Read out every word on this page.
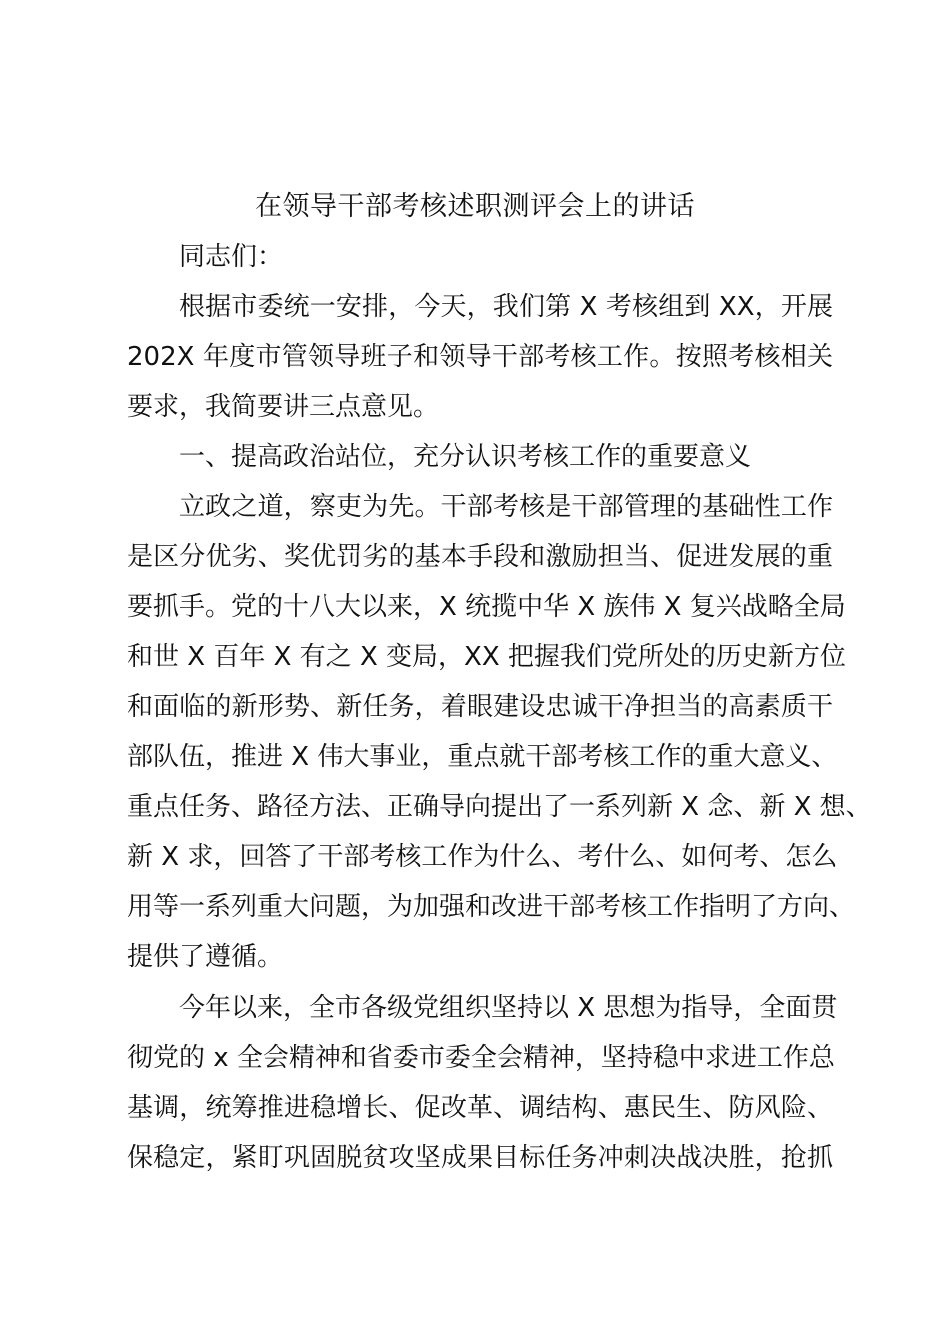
在领导干部考核述职测评会上的讲话

同志们：

根据市委统一安排，今天，我们第 X 考核组到 XX，开展
202X 年度市管领导班子和领导干部考核工作。按照考核相关
要求，我简要讲三点意见。

一、提高政治站位，充分认识考核工作的重要意义

立政之道，察吏为先。干部考核是干部管理的基础性工作
是区分优劣、奖优罚劣的基本手段和激励担当、促进发展的重
要抓手。党的十八大以来，X 统揽中华 X 族伟 X 复兴战略全局
和世 X 百年 X 有之 X 变局，XX 把握我们党所处的历史新方位
和面临的新形势、新任务，着眼建设忠诚干净担当的高素质干
部队伍，推进 X 伟大事业，重点就干部考核工作的重大意义、
重点任务、路径方法、正确导向提出了一系列新 X 念、新 X 想、
新 X 求，回答了干部考核工作为什么、考什么、如何考、怎么
用等一系列重大问题，为加强和改进干部考核工作指明了方向、
提供了遵循。

今年以来，全市各级党组织坚持以 X 思想为指导，全面贯
彻党的 x 全会精神和省委市委全会精神，坚持稳中求进工作总
基调，统筹推进稳增长、促改革、调结构、惠民生、防风险、
保稳定，紧盯巩固脱贫攻坚成果目标任务冲刺决战决胜，抢抓
